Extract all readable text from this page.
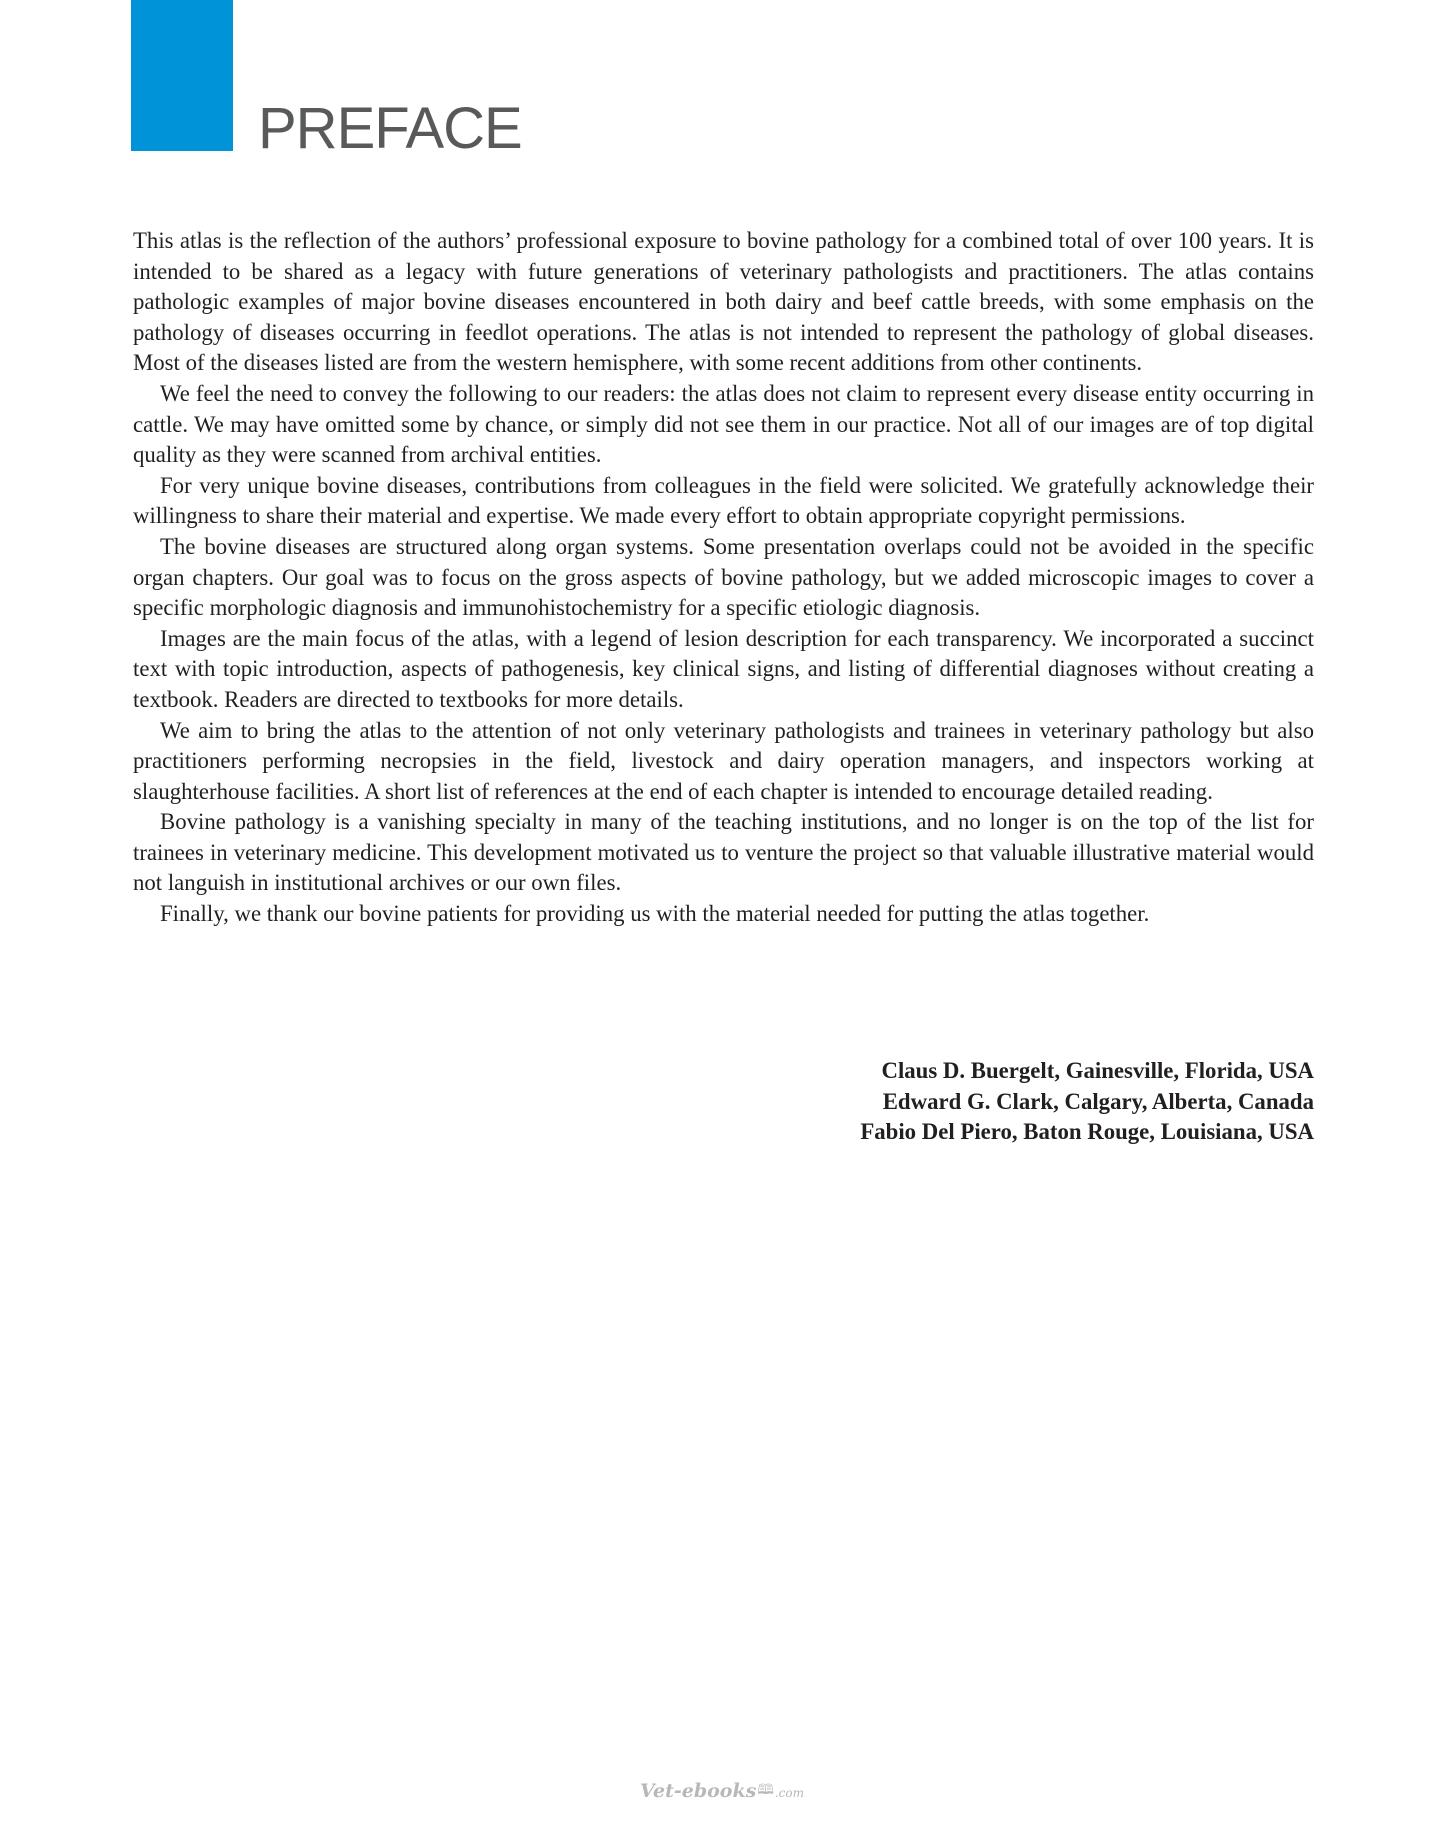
PREFACE

This atlas is the reflection of the authors’ professional exposure to bovine pathology for a combined total of over 100 years. It is intended to be shared as a legacy with future generations of veterinary pathologists and practitioners. The atlas contains pathologic examples of major bovine diseases encountered in both dairy and beef cattle breeds, with some emphasis on the pathology of diseases occurring in feedlot operations. The atlas is not intended to represent the pathology of global diseases. Most of the diseases listed are from the western hemisphere, with some recent additions from other continents.

We feel the need to convey the following to our readers: the atlas does not claim to represent every disease entity occurring in cattle. We may have omitted some by chance, or simply did not see them in our practice. Not all of our images are of top digital quality as they were scanned from archival entities.

For very unique bovine diseases, contributions from colleagues in the field were solicited. We gratefully acknowledge their willingness to share their material and expertise. We made every effort to obtain appropriate copyright permissions.

The bovine diseases are structured along organ systems. Some presentation overlaps could not be avoided in the specific organ chapters. Our goal was to focus on the gross aspects of bovine pathology, but we added microscopic images to cover a specific morphologic diagnosis and immunohistochemistry for a specific etiologic diagnosis.

Images are the main focus of the atlas, with a legend of lesion description for each transparency. We incorporated a succinct text with topic introduction, aspects of pathogenesis, key clinical signs, and listing of differential diagnoses without creating a textbook. Readers are directed to textbooks for more details.

We aim to bring the atlas to the attention of not only veterinary pathologists and trainees in veterinary pathology but also practitioners performing necropsies in the field, livestock and dairy operation managers, and inspectors working at slaughterhouse facilities. A short list of references at the end of each chapter is intended to encourage detailed reading.

Bovine pathology is a vanishing specialty in many of the teaching institutions, and no longer is on the top of the list for trainees in veterinary medicine. This development motivated us to venture the project so that valuable illustrative material would not languish in institutional archives or our own files.

Finally, we thank our bovine patients for providing us with the material needed for putting the atlas together.

Claus D. Buergelt, Gainesville, Florida, USA
Edward G. Clark, Calgary, Alberta, Canada
Fabio Del Piero, Baton Rouge, Louisiana, USA
Vet-ebooks 🕮 .com
